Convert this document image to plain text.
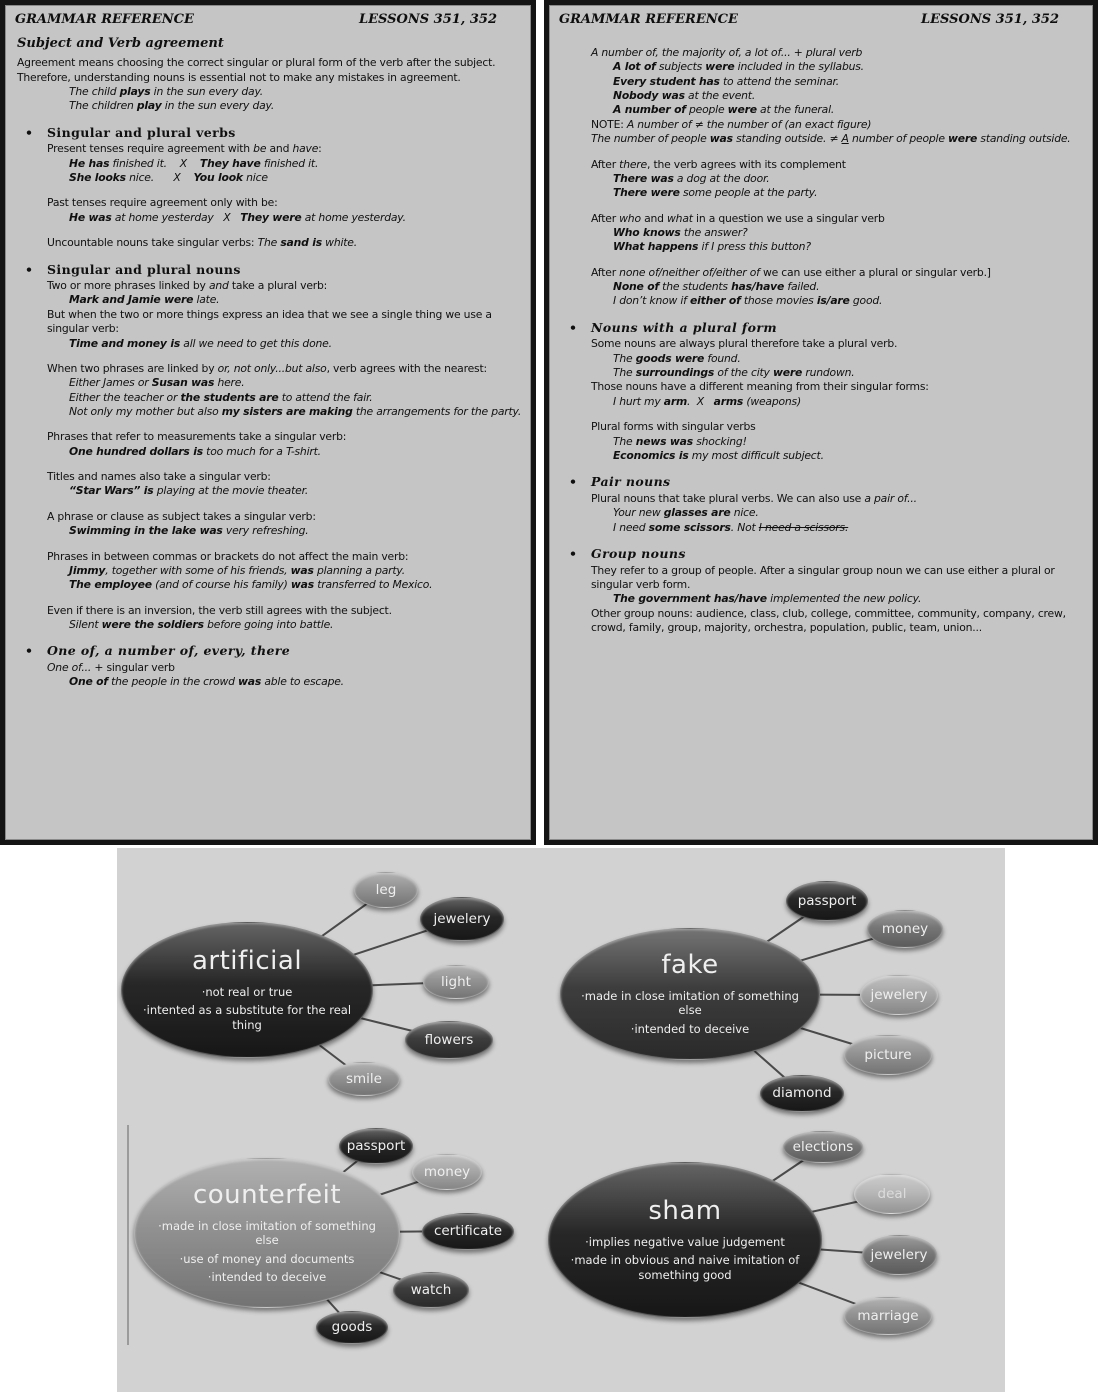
GRAMMAR REFERENCE	LESSONS 351, 352
Subject and Verb agreement
Agreement means choosing the correct singular or plural form of the verb after the subject. Therefore, understanding nouns is essential not to make any mistakes in agreement.
The child plays in the sun every day.
The children play in the sun every day.
• Singular and plural verbs
Present tenses require agreement with be and have:
He has finished it.    X    They have finished it.
She looks nice.      X    You look nice
Past tenses require agreement only with be:
He was at home yesterday   X   They were at home yesterday.
Uncountable nouns take singular verbs: The sand is white.
• Singular and plural nouns
Two or more phrases linked by and take a plural verb:
Mark and Jamie were late.
But when the two or more things express an idea that we see a single thing we use a singular verb:
Time and money is all we need to get this done.
When two phrases are linked by or, not only...but also, verb agrees with the nearest:
Either James or Susan was here.
Either the teacher or the students are to attend the fair.
Not only my mother but also my sisters are making the arrangements for the party.
Phrases that refer to measurements take a singular verb:
One hundred dollars is too much for a T-shirt.
Titles and names also take a singular verb:
“Star Wars” is playing at the movie theater.
A phrase or clause as subject takes a singular verb:
Swimming in the lake was very refreshing.
Phrases in between commas or brackets do not affect the main verb:
Jimmy, together with some of his friends, was planning a party.
The employee (and of course his family) was transferred to Mexico.
Even if there is an inversion, the verb still agrees with the subject.
Silent were the soldiers before going into battle.
• One of, a number of, every, there
One of... + singular verb
One of the people in the crowd was able to escape.
GRAMMAR REFERENCE	LESSONS 351, 352
A number of, the majority of, a lot of... + plural verb
A lot of subjects were included in the syllabus.
Every student has to attend the seminar.
Nobody was at the event.
A number of people were at the funeral.
NOTE: A number of ≠ the number of (an exact figure)
The number of people was standing outside. ≠ A number of people were standing outside.
After there, the verb agrees with its complement
There was a dog at the door.
There were some people at the party.
After who and what in a question we use a singular verb
Who knows the answer?
What happens if I press this button?
After none of/neither of/either of we can use either a plural or singular verb.]
None of the students has/have failed.
I don’t know if either of those movies is/are good.
• Nouns with a plural form
Some nouns are always plural therefore take a plural verb.
The goods were found.
The surroundings of the city were rundown.
Those nouns have a different meaning from their singular forms:
I hurt my arm.  X   arms (weapons)
Plural forms with singular verbs
The news was shocking!
Economics is my most difficult subject.
• Pair nouns
Plural nouns that take plural verbs. We can also use a pair of...
Your new glasses are nice.
I need some scissors. Not I need a scissors.
• Group nouns
They refer to a group of people. After a singular group noun we can use either a plural or singular verb form.
The government has/have implemented the new policy.
Other group nouns: audience, class, club, college, committee, community, company, crew, crowd, family, group, majority, orchestra, population, public, team, union...
artificial
· not real or true
· intented as a substitute for the real thing
leg
jewelery
light
flowers
smile
fake
· made in close imitation of something else
· intended to deceive
passport
money
jewelery
picture
diamond
counterfeit
· made in close imitation of something else
· use of money and documents
· intended to deceive
passport
money
certificate
watch
goods
sham
· implies negative value judgement
· made in obvious and naive imitation of something good
elections
deal
jewelery
marriage
